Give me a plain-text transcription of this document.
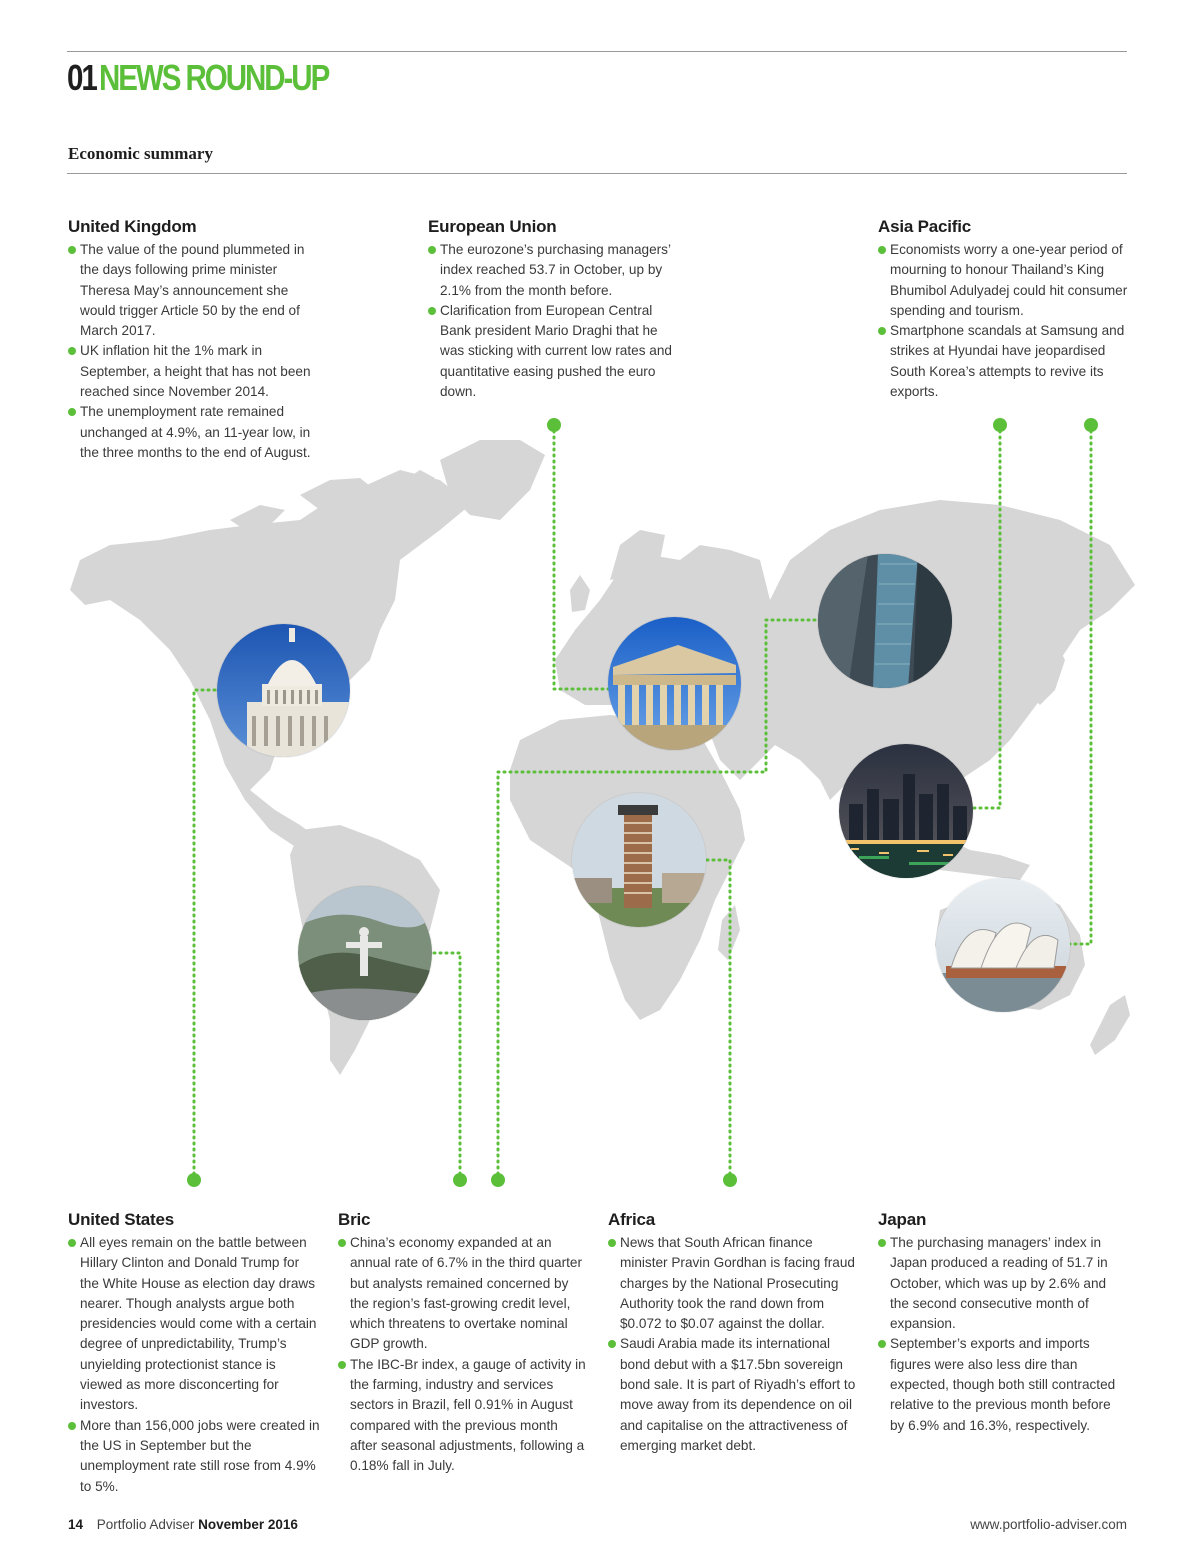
01NEWS ROUND-UP
Economic summary
United Kingdom
The value of the pound plummeted in the days following prime minister Theresa May’s announcement she would trigger Article 50 by the end of March 2017.
UK inflation hit the 1% mark in September, a height that has not been reached since November 2014.
The unemployment rate remained unchanged at 4.9%, an 11-year low, in the three months to the end of August.
European Union
The eurozone’s purchasing managers’ index reached 53.7 in October, up by 2.1% from the month before.
Clarification from European Central Bank president Mario Draghi that he was sticking with current low rates and quantitative easing pushed the euro down.
Asia Pacific
Economists worry a one-year period of mourning to honour Thailand’s King Bhumibol Adulyadej could hit consumer spending and tourism.
Smartphone scandals at Samsung and strikes at Hyundai have jeopardised South Korea’s attempts to revive its exports.
United States
All eyes remain on the battle between Hillary Clinton and Donald Trump for the White House as election day draws nearer. Though analysts argue both presidencies would come with a certain degree of unpredictability, Trump’s unyielding protectionist stance is viewed as more disconcerting for investors.
More than 156,000 jobs were created in the US in September but the unemployment rate still rose from 4.9% to 5%.
Bric
China’s economy expanded at an annual rate of 6.7% in the third quarter but analysts remained concerned by the region’s fast-growing credit level, which threatens to overtake nominal GDP growth.
The IBC-Br index, a gauge of activity in the farming, industry and services sectors in Brazil, fell 0.91% in August compared with the previous month after seasonal adjustments, following a 0.18% fall in July.
Africa
News that South African finance minister Pravin Gordhan is facing fraud charges by the National Prosecuting Authority took the rand down from $0.072 to $0.07 against the dollar.
Saudi Arabia made its international bond debut with a $17.5bn sovereign bond sale. It is part of Riyadh’s effort to move away from its dependence on oil and capitalise on the attractiveness of emerging market debt.
Japan
The purchasing managers’ index in Japan produced a reading of 51.7 in October, which was up by 2.6% and the second consecutive month of expansion.
September’s exports and imports figures were also less dire than expected, though both still contracted relative to the previous month before by 6.9% and 16.3%, respectively.
14 Portfolio Adviser November 2016	www.portfolio-adviser.com
